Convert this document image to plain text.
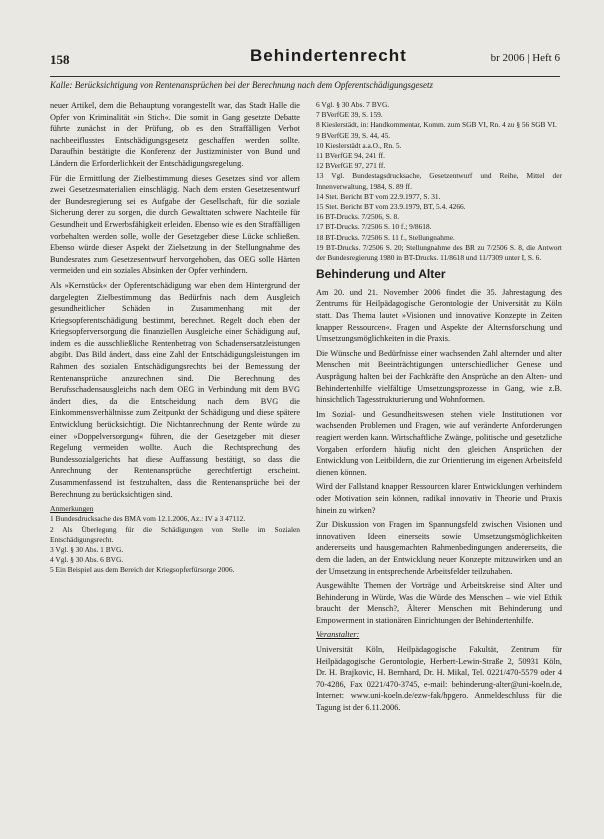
158	Behindertenrecht	br 2006 | Heft 6
Kalle: Berücksichtigung von Rentenansprüchen bei der Berechnung nach dem Opferentschädigungsgesetz

neuer Artikel, dem die Behauptung vorangestellt war, das Stadt Halle die Opfer von Kriminalität »in Stich«. Die somit in Gang gesetzte Debatte führte zunächst in der Prüfung, ob es den Straffälligen Verbot nachbeeiflusstes Entschädigungsgesetz geschaffen werden sollte. Daraufhin bestätigte die Konferenz der Justizminister von Bund und Ländern die Erforderlichkeit der Entschädigungsregelung.

Für die Ermittlung der Zielbestimmung dieses Gesetzes sind vor allem zwei Gesetzesmaterialien einschlägig. Nach dem ersten Gesetzesentwurf der Bundesregierung sei es Aufgabe der Gesellschaft, für die soziale Sicherung derer zu sorgen, die durch Gewalttaten schwere Nachteile für Gesundheit und Erwerbsfähigkeit erleiden. Ebenso wie es den Straffälligen vorbehalten werden solle, wolle der Gesetzgeber diese Lücke schließen. Ebenso würde dieser Aspekt der Zielsetzung in der Stellungnahme des Bundesrates zum Gesetzesentwurf hervorgehoben, das OEG solle Härten vermeiden und ein soziales Absinken der Opfer verhindern.

Als »Kernstück« der Opferentschädigung war eben dem Hintergrund der dargelegten Zielbestimmung das Bedürfnis nach dem Ausgleich gesundheitlicher Schäden in Zusammenhang mit der Kriegsopferentschädigung bestimmt, berechnet. Regelt doch eben der Kriegsopferversorgung die finanziellen Ausgleiche einer Schädigung auf, indem es die ausschließliche Rentenbetrag von Schadensersatzleistungen abgibt. Das Bild ändert, dass eine Zahl der Entschädigungsleistungen im Rahmen des sozialen Entschädigungsrechts bei der Bemessung der Rentenansprüche anzurechnen sind. Die Berechnung des Berufsschadensausgleichs nach dem OEG in Verbindung mit dem BVG ändert dies, da die Entscheidung nach dem BVG die Einkommensverhältnisse zum Zeitpunkt der Schädigung und diese spätere Entwicklung berücksichtigt. Die Nichtanrechnung der Rente würde zu einer »Doppelversorgung« führen, die der Gesetzgeber mit dieser Regelung vermeiden wollte. Auch die Rechtsprechung des Bundessozialgerichts hat diese Auffassung bestätigt, so dass die Anrechnung der Rentenansprüche gerechtfertigt erscheint. Zusammenfassend ist festzuhalten, dass die Rentenansprüche bei der Berechnung zu berücksichtigen sind.

Anmerkungen

1 Bundesdrucksache des BMA vom 12.1.2006, Az.: IV a 3 47112.

2 Als Überlegung für die Schädigungen von Stelle im Sozialen Entschädigungsrecht.

3 Vgl. § 30 Abs. 1 BVG.

4 Vgl. § 30 Abs. 6 BVG.

5 Ein Beispiel aus dem Bereich der Kriegsopferfürsorge 2006.

6 Vgl. § 30 Abs. 7 BVG.

7 BVerfGE 39, S. 159.

8 Kieslerstädt, in: Handkommentar, Komm. zum SGB VI, Rn. 4 zu § 56 SGB VI.

9 BVerfGE 39, S. 44, 45.

10 Kieslerstädt a.a.O., Rn. 5.

11 BVerfGE 94, 241 ff.

12 BVerfGE 97, 271 ff.

13 Vgl. Bundestagsdrucksache, Gesetzentwurf und Reihe, Mittel der Innenverwaltung, 1984, S. 89 ff.

14 Stet. Bericht BT vom 22.9.1977, S. 31.

15 Stet. Bericht BT vom 23.9.1979, BT, 5.4. 4266.

16 BT-Drucks. 7/2506, S. 8.

17 BT-Drucks. 7/2506 S. 10 f.; 9/8618.

18 BT-Drucks. 7/2506 S. 11 f., Stellungnahme.

19 BT-Drucks. 7/2506 S. 20; Stellungnahme des BR zu 7/2506 S. 8, die Antwort der Bundesregierung 1980 in BT-Drucks. 11/8618 und 11/7309 unter I, S. 6.

Behinderung und Alter

Am 20. und 21. November 2006 findet die 35. Jahrestagung des Zentrums für Heilpädagogische Gerontologie der Universität zu Köln statt. Das Thema lautet »Visionen und innovative Konzepte in Zeiten knapper Ressourcen«. Fragen und Aspekte der Alternsforschung und Umsetzungsmöglichkeiten in die Praxis.

Die Wünsche und Bedürfnisse einer wachsenden Zahl alternder und alter Menschen mit Beeinträchtigungen unterschiedlicher Genese und Ausprägung halten bei der Fachkräfte den Ansprüche an den Alten- und Behindertenhilfe vielfältige Umsetzungsprozesse in Gang, wie z.B. hinsichtlich Tagesstrukturierung und Wohnformen.

Im Sozial- und Gesundheitswesen stehen viele Institutionen vor wachsenden Problemen und Fragen, wie auf veränderte Anforderungen reagiert werden kann. Wirtschaftliche Zwänge, politische und gesetzliche Vorgaben erfordern häufig nicht den gleichen Ansprüchen der Entwicklung von Leitbildern, die zur Orientierung im eigenen Arbeitsfeld dienen können.

Wird der Fallstand knapper Ressourcen klarer Entwicklungen verhindern oder Motivation sein können, radikal innovativ in Theorie und Praxis hinein zu wirken?

Zur Diskussion von Fragen im Spannungsfeld zwischen Visionen und innovativen Ideen einerseits sowie Umsetzungsmöglichkeiten andererseits und hausgemachten Rahmenbedingungen andererseits, die dem die laden, an der Entwicklung neuer Konzepte mitzuwirken und an der Umsetzung in entsprechende Arbeitsfelder teilzuhaben.

Ausgewählte Themen der Vorträge und Arbeitskreise sind Alter und Behinderung in Würde, Was die Würde des Menschen – wie viel Ethik braucht der Mensch?, Älterer Menschen mit Behinderung und Empowerment in stationären Einrichtungen der Behindertenhilfe.

Veranstalter:

Universität Köln, Heilpädagogische Fakultät, Zentrum für Heilpädagogische Gerontologie, Herbert-Lewin-Straße 2, 50931 Köln, Dr. H. Brajkovic, H. Bernhard, Dr. H. Mikal, Tel. 0221/470-5579 oder 4 70-4286, Fax 0221/470-3745, e-mail: behinderung-alter@uni-koeln.de, Internet: www.uni-koeln.de/ezw-fak/hpgero. Anmeldeschluss für die Tagung ist der 6.11.2006.
